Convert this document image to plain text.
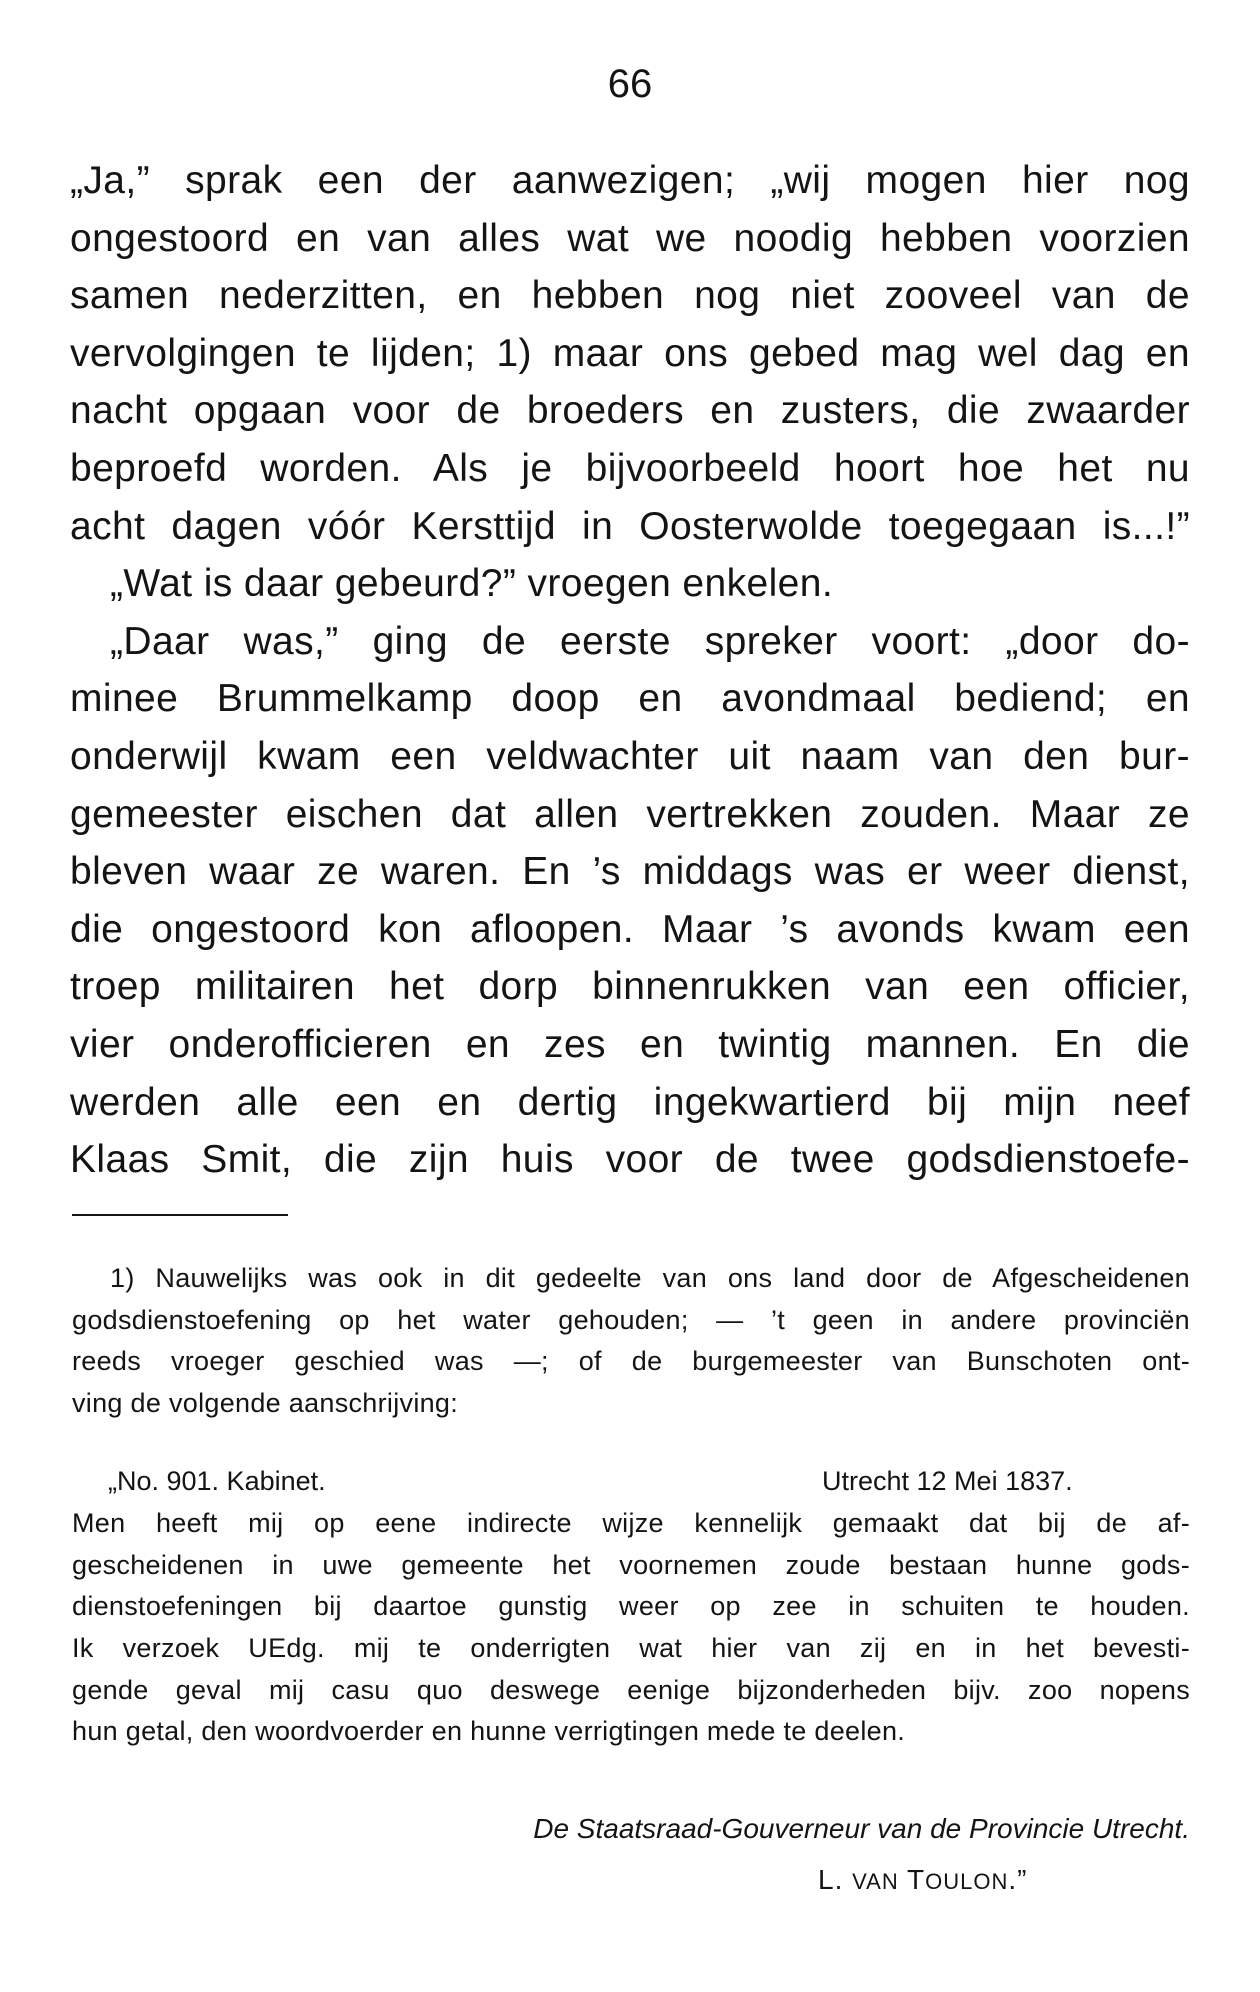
66
„Ja,” sprak een der aanwezigen; „wij mogen hier nog
ongestoord en van alles wat we noodig hebben voorzien
samen nederzitten, en hebben nog niet zooveel van de
vervolgingen te lijden; 1) maar ons gebed mag wel dag en
nacht opgaan voor de broeders en zusters, die zwaarder
beproefd worden. Als je bijvoorbeeld hoort hoe het nu
acht dagen vóór Kersttijd in Oosterwolde toegegaan is...!”
„Wat is daar gebeurd?” vroegen enkelen.
„Daar was,” ging de eerste spreker voort: „door do-
minee Brummelkamp doop en avondmaal bediend; en
onderwijl kwam een veldwachter uit naam van den bur-
gemeester eischen dat allen vertrekken zouden. Maar ze
bleven waar ze waren. En ’s middags was er weer dienst,
die ongestoord kon afloopen. Maar ’s avonds kwam een
troep militairen het dorp binnenrukken van een officier,
vier onderofficieren en zes en twintig mannen. En die
werden alle een en dertig ingekwartierd bij mijn neef
Klaas Smit, die zijn huis voor de twee godsdienstoefe-
1) Nauwelijks was ook in dit gedeelte van ons land door de Afgescheidenen
godsdienstoefening op het water gehouden; — ’t geen in andere provinciën
reeds vroeger geschied was —; of de burgemeester van Bunschoten ont-
ving de volgende aanschrijving:
„No. 901. Kabinet.	Utrecht 12 Mei 1837.
Men heeft mij op eene indirecte wijze kennelijk gemaakt dat bij de af-
gescheidenen in uwe gemeente het voornemen zoude bestaan hunne gods-
dienstoefeningen bij daartoe gunstig weer op zee in schuiten te houden.
Ik verzoek UEdg. mij te onderrigten wat hier van zij en in het bevesti-
gende geval mij casu quo deswege eenige bijzonderheden bijv. zoo nopens
hun getal, den woordvoerder en hunne verrigtingen mede te deelen.
De Staatsraad-Gouverneur van de Provincie Utrecht.
L. VAN TOULON.”
